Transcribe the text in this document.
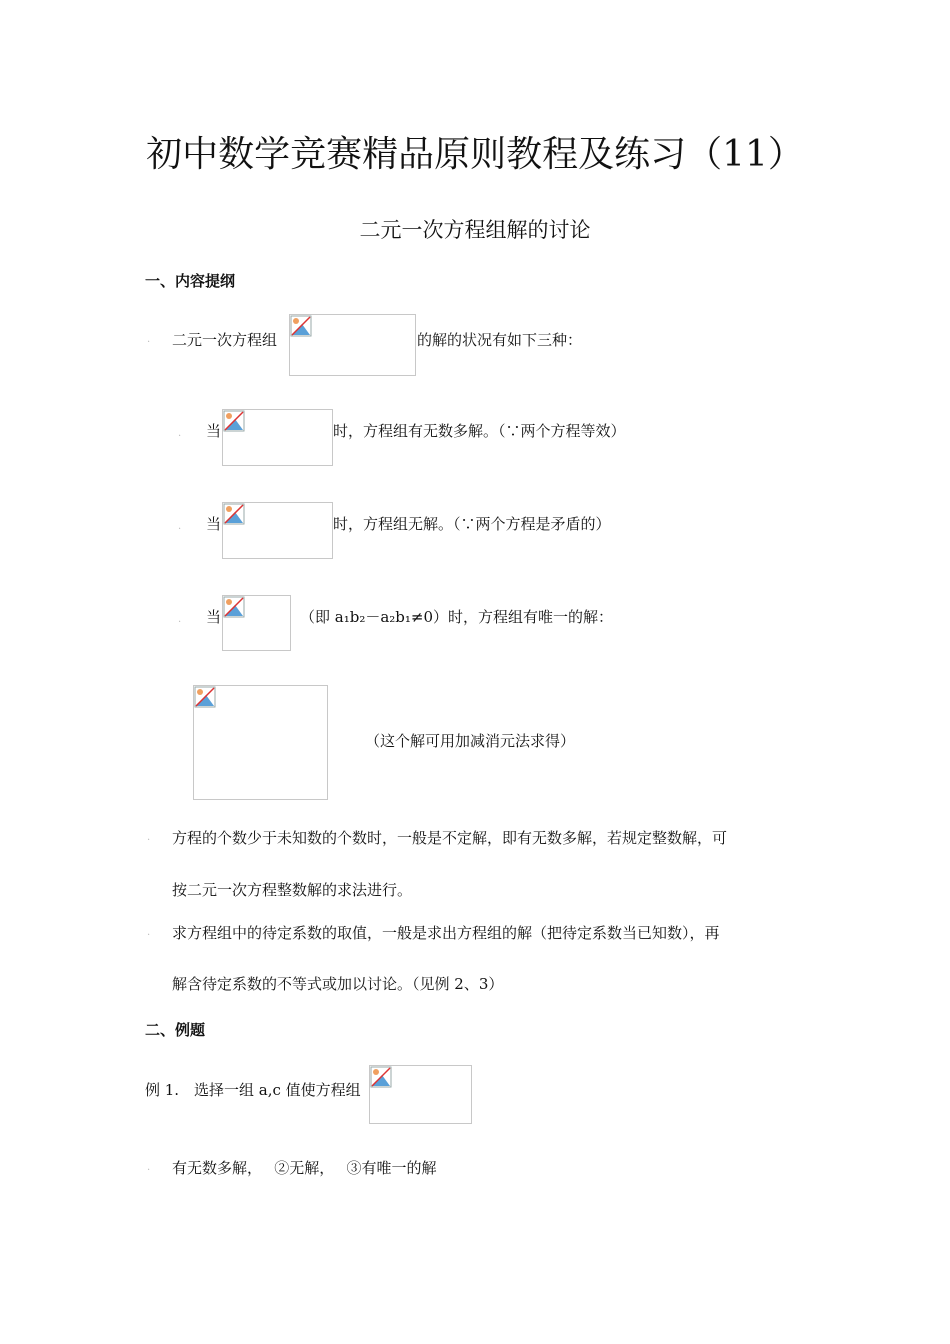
初中数学竞赛精品原则教程及练习（11）
二元一次方程组解的讨论
一、内容提纲
. 二元一次方程组	的解的状况有如下三种：
. 当	时，方程组有无数多解。（∵两个方程等效）
. 当	时，方程组无解。（∵两个方程是矛盾的）
. 当	（即 a₁b₂－a₂b₁≠0）时，方程组有唯一的解：
（这个解可用加减消元法求得）
. 方程的个数少于未知数的个数时，一般是不定解，即有无数多解，若规定整数解，可
按二元一次方程整数解的求法进行。
. 求方程组中的待定系数的取值，一般是求出方程组的解（把待定系数当已知数），再
解含待定系数的不等式或加以讨论。（见例 2、3）
二、例题
例 1. 选择一组 a,c 值使方程组
. 有无数多解，　 ②无解，　 ③有唯一的解
